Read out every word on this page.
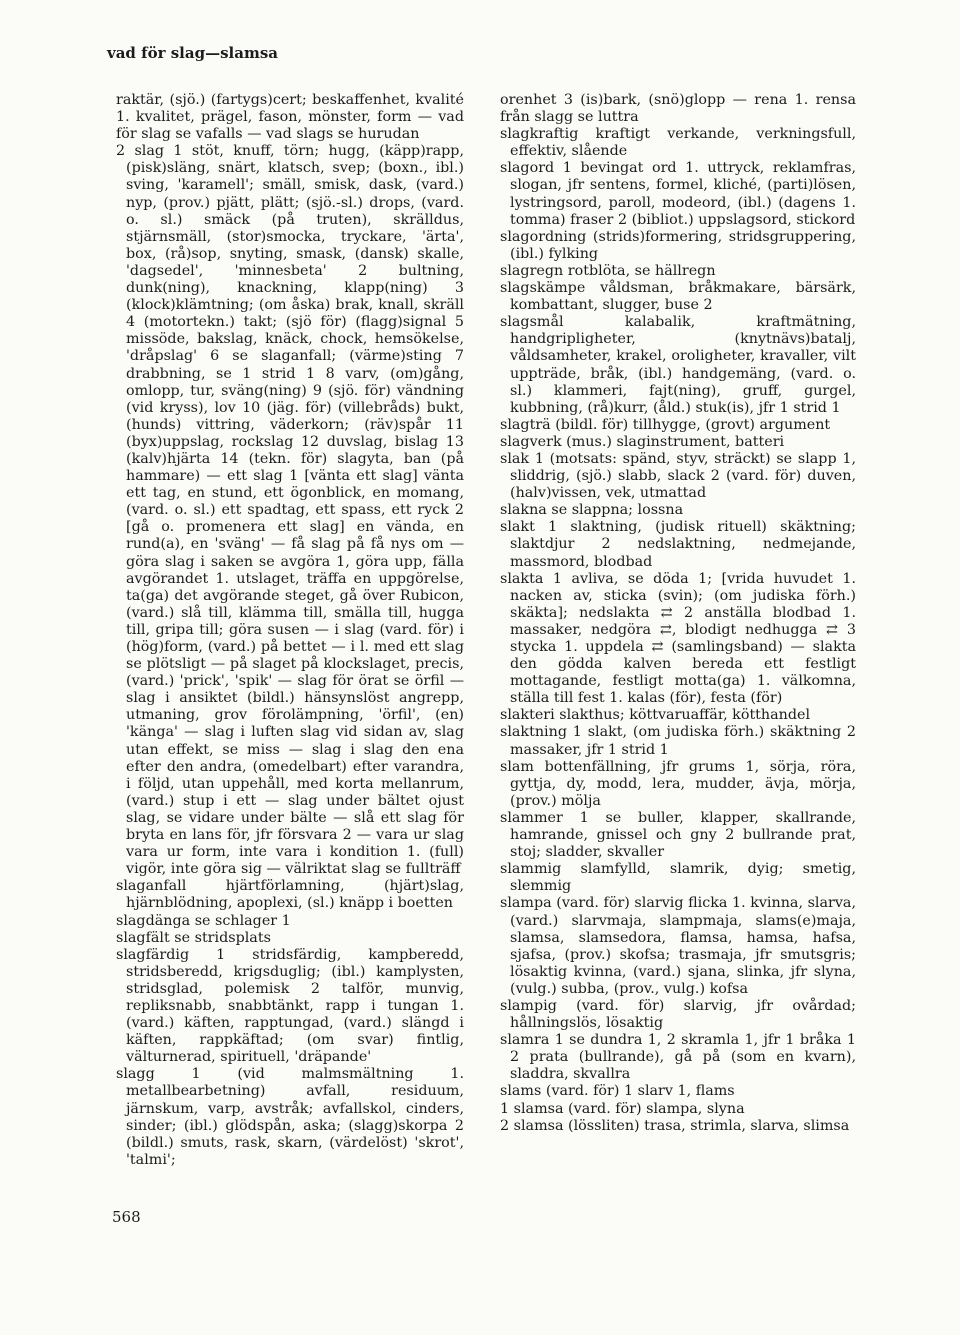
vad för slag—slamsa

raktär, (sjö.) (fartygs)cert; beskaffenhet, kvalité 1. kvalitet, prägel, fason, mönster, form — vad för slag se vafalls — vad slags se hurudan

2 slag 1 stöt, knuff, törn; hugg, (käpp)rapp, (pisk)släng, snärt, klatsch, svep; (boxn., ibl.) sving, 'karamell'; smäll, smisk, dask, (vard.) nyp, (prov.) pjätt, plätt; (sjö.-sl.) drops, (vard. o. sl.) smäck (på truten), skrälldus, stjärnsmäll, (stor)smocka, tryckare, 'ärta', box, (rå)sop, snyting, smask, (dansk) skalle, 'dagsedel', 'minnesbeta' 2 bultning, dunk(ning), knackning, klapp(ning) 3 (klock)klämtning; (om åska) brak, knall, skräll 4 (motortekn.) takt; (sjö för) (flagg)signal 5 missöde, bakslag, knäck, chock, hemsökelse, 'dråpslag' 6 se slaganfall; (värme)sting 7 drabbning, se 1 strid 1 8 varv, (om)gång, omlopp, tur, sväng(ning) 9 (sjö. för) vändning (vid kryss), lov 10 (jäg. för) (villebråds) bukt, (hunds) vittring, väderkorn; (räv)spår 11 (byx)uppslag, rockslag 12 duvslag, bislag 13 (kalv)hjärta 14 (tekn. för) slagyta, ban (på hammare) — ett slag 1 [vänta ett slag] vänta ett tag, en stund, ett ögonblick, en momang, (vard. o. sl.) ett spadtag, ett spass, ett ryck 2 [gå o. promenera ett slag] en vända, en rund(a), en 'sväng' — få slag på få nys om — göra slag i saken se avgöra 1, göra upp, fälla avgörandet 1. utslaget, träffa en uppgörelse, ta(ga) det avgörande steget, gå över Rubicon, (vard.) slå till, klämma till, smälla till, hugga till, gripa till; göra susen — i slag (vard. för) i (hög)form, (vard.) på bettet — i l. med ett slag se plötsligt — på slaget på klockslaget, precis, (vard.) 'prick', 'spik' — slag för örat se örfil — slag i ansiktet (bildl.) hänsynslöst angrepp, utmaning, grov förolämpning, 'örfil', (en) 'känga' — slag i luften slag vid sidan av, slag utan effekt, se miss — slag i slag den ena efter den andra, (omedelbart) efter varandra, i följd, utan uppehåll, med korta mellanrum, (vard.) stup i ett — slag under bältet ojust slag, se vidare under bälte — slå ett slag för bryta en lans för, jfr försvara 2 — vara ur slag vara ur form, inte vara i kondition 1. (full) vigör, inte göra sig — välriktat slag se fullträff

slaganfall hjärtförlamning, (hjärt)slag, hjärnblödning, apoplexi, (sl.) knäpp i boetten

slagdänga se schlager 1

slagfält se stridsplats

slagfärdig 1 stridsfärdig, kampberedd, stridsberedd, krigsduglig; (ibl.) kamplysten, stridsglad, polemisk 2 talför, munvig, repliksnabb, snabbtänkt, rapp i tungan 1. (vard.) käften, rapptungad, (vard.) slängd i käften, rappkäftad; (om svar) fintlig, välturnerad, spirituell, 'dräpande'

slagg 1 (vid malmsmältning 1. metallbearbetning) avfall, residuum, järnskum, varp, avstråk; avfallskol, cinders, sinder; (ibl.) glödspån, aska; (slagg)skorpa 2 (bildl.) smuts, rask, skarn, (värdelöst) 'skrot', 'talmi';

orenhet 3 (is)bark, (snö)glopp — rena 1. rensa från slagg se luttra

slagkraftig kraftigt verkande, verkningsfull, effektiv, slående

slagord 1 bevingat ord 1. uttryck, reklamfras, slogan, jfr sentens, formel, kliché, (parti)lösen, lystringsord, paroll, modeord, (ibl.) (dagens 1. tomma) fraser 2 (bibliot.) uppslagsord, stickord

slagordning (strids)formering, stridsgruppering, (ibl.) fylking

slagregn rotblöta, se hällregn

slagskämpe våldsman, bråkmakare, bärsärk, kombattant, slugger, buse 2

slagsmål kalabalik, kraftmätning, handgripligheter, (knytnävs)batalj, våldsamheter, krakel, oroligheter, kravaller, vilt uppträde, bråk, (ibl.) handgemäng, (vard. o. sl.) klammeri, fajt(ning), gruff, gurgel, kubbning, (rå)kurr, (åld.) stuk(is), jfr 1 strid 1

slagträ (bildl. för) tillhygge, (grovt) argument

slagverk (mus.) slaginstrument, batteri

slak 1 (motsats: spänd, styv, sträckt) se slapp 1, sliddrig, (sjö.) slabb, slack 2 (vard. för) duven, (halv)vissen, vek, utmattad

slakna se slappna; lossna

slakt 1 slaktning, (judisk rituell) skäktning; slaktdjur 2 nedslaktning, nedmejande, massmord, blodbad

slakta 1 avliva, se döda 1; [vrida huvudet 1. nacken av, sticka (svin); (om judiska förh.) skäkta]; nedslakta ⇄ 2 anställa blodbad 1. massaker, nedgöra ⇄, blodigt nedhugga ⇄ 3 stycka 1. uppdela ⇄ (samlingsband) — slakta den gödda kalven bereda ett festligt mottagande, festligt motta(ga) 1. välkomna, ställa till fest 1. kalas (för), festa (för)

slakteri slakthus; köttvaruaffär, kötthandel

slaktning 1 slakt, (om judiska förh.) skäktning 2 massaker, jfr 1 strid 1

slam bottenfällning, jfr grums 1, sörja, röra, gyttja, dy, modd, lera, mudder, ävja, mörja, (prov.) mölja

slammer 1 se buller, klapper, skallrande, hamrande, gnissel och gny 2 bullrande prat, stoj; sladder, skvaller

slammig slamfylld, slamrik, dyig; smetig, slemmig

slampa (vard. för) slarvig flicka 1. kvinna, slarva, (vard.) slarvmaja, slampmaja, slams(e)maja, slamsa, slamsedora, flamsa, hamsa, hafsa, sjafsa, (prov.) skofsa; trasmaja, jfr smutsgris; lösaktig kvinna, (vard.) sjana, slinka, jfr slyna, (vulg.) subba, (prov., vulg.) kofsa

slampig (vard. för) slarvig, jfr ovårdad; hållningslös, lösaktig

slamra 1 se dundra 1, 2 skramla 1, jfr 1 bråka 1 2 prata (bullrande), gå på (som en kvarn), sladdra, skvallra

slams (vard. för) 1 slarv 1, flams

1 slamsa (vard. för) slampa, slyna

2 slamsa (lössliten) trasa, strimla, slarva, slimsa

568
